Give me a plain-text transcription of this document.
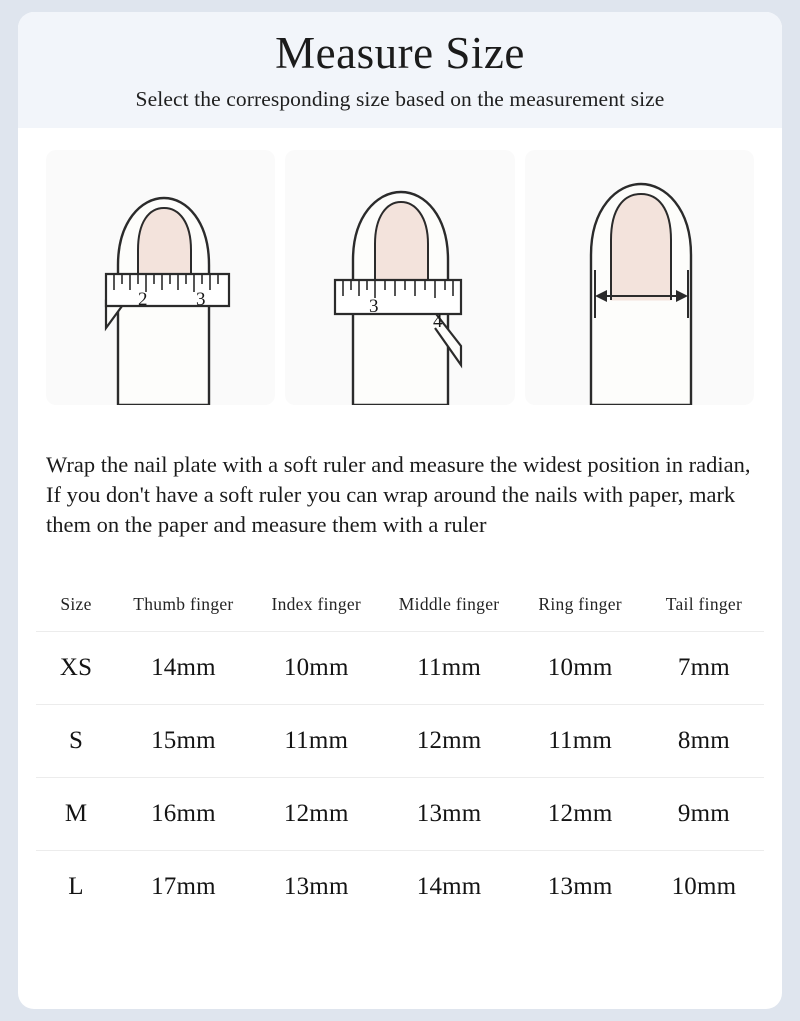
Measure Size

Select the corresponding size based on the measurement size

2	3	3
4

Wrap the nail plate with a soft ruler and measure the widest position in radian, If you don't have a soft ruler you can wrap around the nails with paper, mark them on the paper and measure them with a ruler

Size	Thumb finger	Index finger	Middle finger	Ring finger	Tail finger
XS	14mm	10mm	11mm	10mm	7mm
S	15mm	11mm	12mm	11mm	8mm
M	16mm	12mm	13mm	12mm	9mm
L	17mm	13mm	14mm	13mm	10mm
